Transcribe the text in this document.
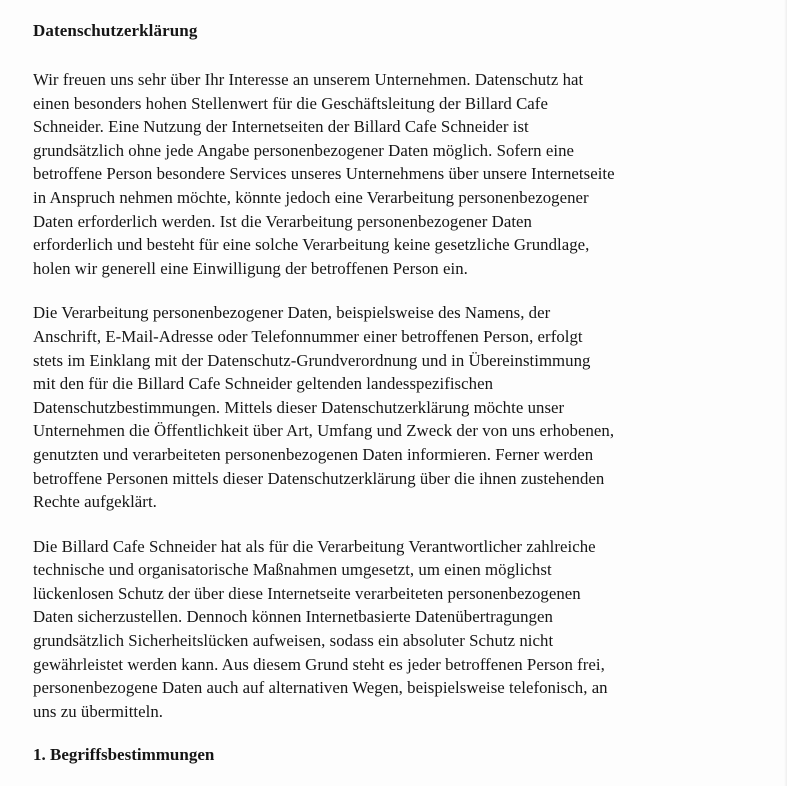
Datenschutzerklärung
Wir freuen uns sehr über Ihr Interesse an unserem Unternehmen. Datenschutz hat
einen besonders hohen Stellenwert für die Geschäftsleitung der Billard Cafe
Schneider. Eine Nutzung der Internetseiten der Billard Cafe Schneider ist
grundsätzlich ohne jede Angabe personenbezogener Daten möglich. Sofern eine
betroffene Person besondere Services unseres Unternehmens über unsere Internetseite
in Anspruch nehmen möchte, könnte jedoch eine Verarbeitung personenbezogener
Daten erforderlich werden. Ist die Verarbeitung personenbezogener Daten
erforderlich und besteht für eine solche Verarbeitung keine gesetzliche Grundlage,
holen wir generell eine Einwilligung der betroffenen Person ein.
Die Verarbeitung personenbezogener Daten, beispielsweise des Namens, der
Anschrift, E-Mail-Adresse oder Telefonnummer einer betroffenen Person, erfolgt
stets im Einklang mit der Datenschutz-Grundverordnung und in Übereinstimmung
mit den für die Billard Cafe Schneider geltenden landesspezifischen
Datenschutzbestimmungen. Mittels dieser Datenschutzerklärung möchte unser
Unternehmen die Öffentlichkeit über Art, Umfang und Zweck der von uns erhobenen,
genutzten und verarbeiteten personenbezogenen Daten informieren. Ferner werden
betroffene Personen mittels dieser Datenschutzerklärung über die ihnen zustehenden
Rechte aufgeklärt.
Die Billard Cafe Schneider hat als für die Verarbeitung Verantwortlicher zahlreiche
technische und organisatorische Maßnahmen umgesetzt, um einen möglichst
lückenlosen Schutz der über diese Internetseite verarbeiteten personenbezogenen
Daten sicherzustellen. Dennoch können Internetbasierte Datenübertragungen
grundsätzlich Sicherheitslücken aufweisen, sodass ein absoluter Schutz nicht
gewährleistet werden kann. Aus diesem Grund steht es jeder betroffenen Person frei,
personenbezogene Daten auch auf alternativen Wegen, beispielsweise telefonisch, an
uns zu übermitteln.
1. Begriffsbestimmungen
